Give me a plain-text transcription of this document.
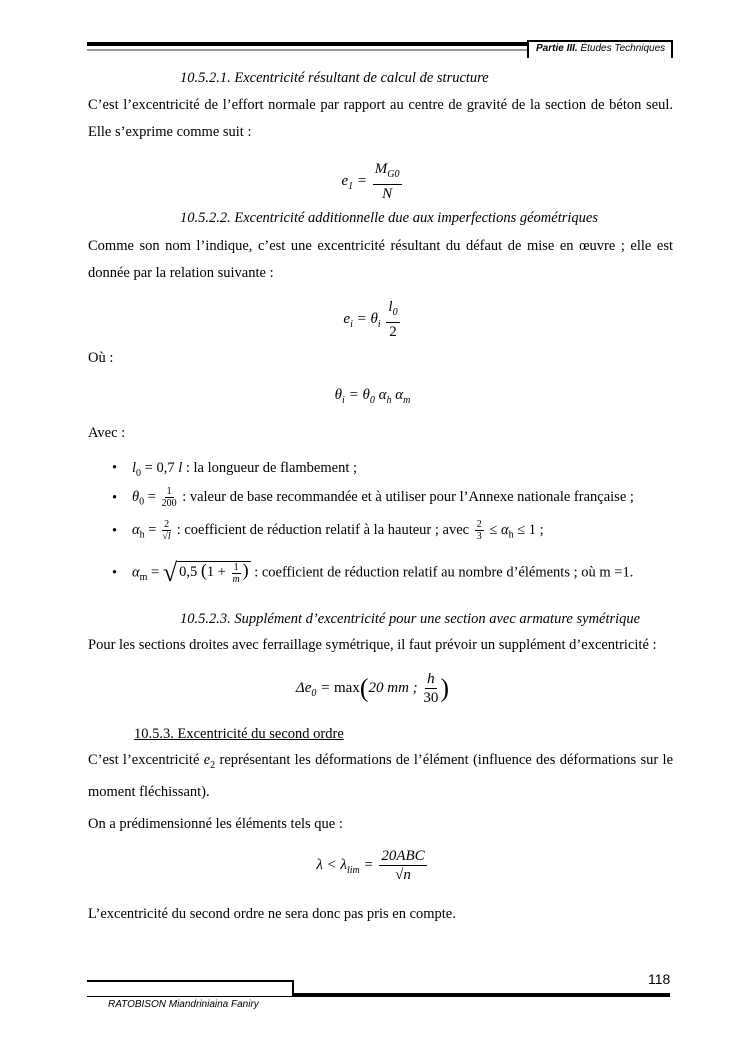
Partie III. Études Techniques
10.5.2.1. Excentricité résultant de calcul de structure
C’est l’excentricité de l’effort normale par rapport au centre de gravité de la section de béton seul. Elle s’exprime comme suit :
$e_1 = \frac{M_{G0}}{N}$
10.5.2.2. Excentricité additionnelle due aux imperfections géométriques
Comme son nom l’indique, c’est une excentricité résultant du défaut de mise en œuvre ; elle est donnée par la relation suivante :
$e_i = \theta_i \frac{l_0}{2}$
Où :
$\theta_i = \theta_0$ $\alpha_h$ $\alpha_m$
Avec :
• $l_0 = 0,7$ l : la longueur de flambement ;
• $\theta_0 = \frac{1}{200}$ : valeur de base recommandée et à utiliser pour l’Annexe nationale française ;
• $\alpha_h = \frac{2}{√l}$ : coefficient de réduction relatif à la hauteur ; avec $\frac{2}{3} \le \alpha_h \le 1$ ;
• $\alpha_m$ = √ 0,5 ($1 + \frac{1}{m}$ ) : coefficient de réduction relatif au nombre d’éléments ; où m =1.
10.5.2.3. Supplément d’excentricité pour une section avec armature symétrique
Pour les sections droites avec ferraillage symétrique, il faut prévoir un supplément d’excentricité :
$\Delta e_0 = \max(20$ mm ; $\frac{h}{30}$ )
10.5.3. Excentricité du second ordre
C’est l’excentricité $e_2$ représentant les déformations de l’élément (influence des déformations sur le moment fléchissant).
On a prédimensionné les éléments tels que :
$\lambda < \lambda_{lim} = \frac{\text{20ABC}}{√n}$
L’excentricité du second ordre ne sera donc pas pris en compte.
118
RATOBISON Miandriniaina Faniry
